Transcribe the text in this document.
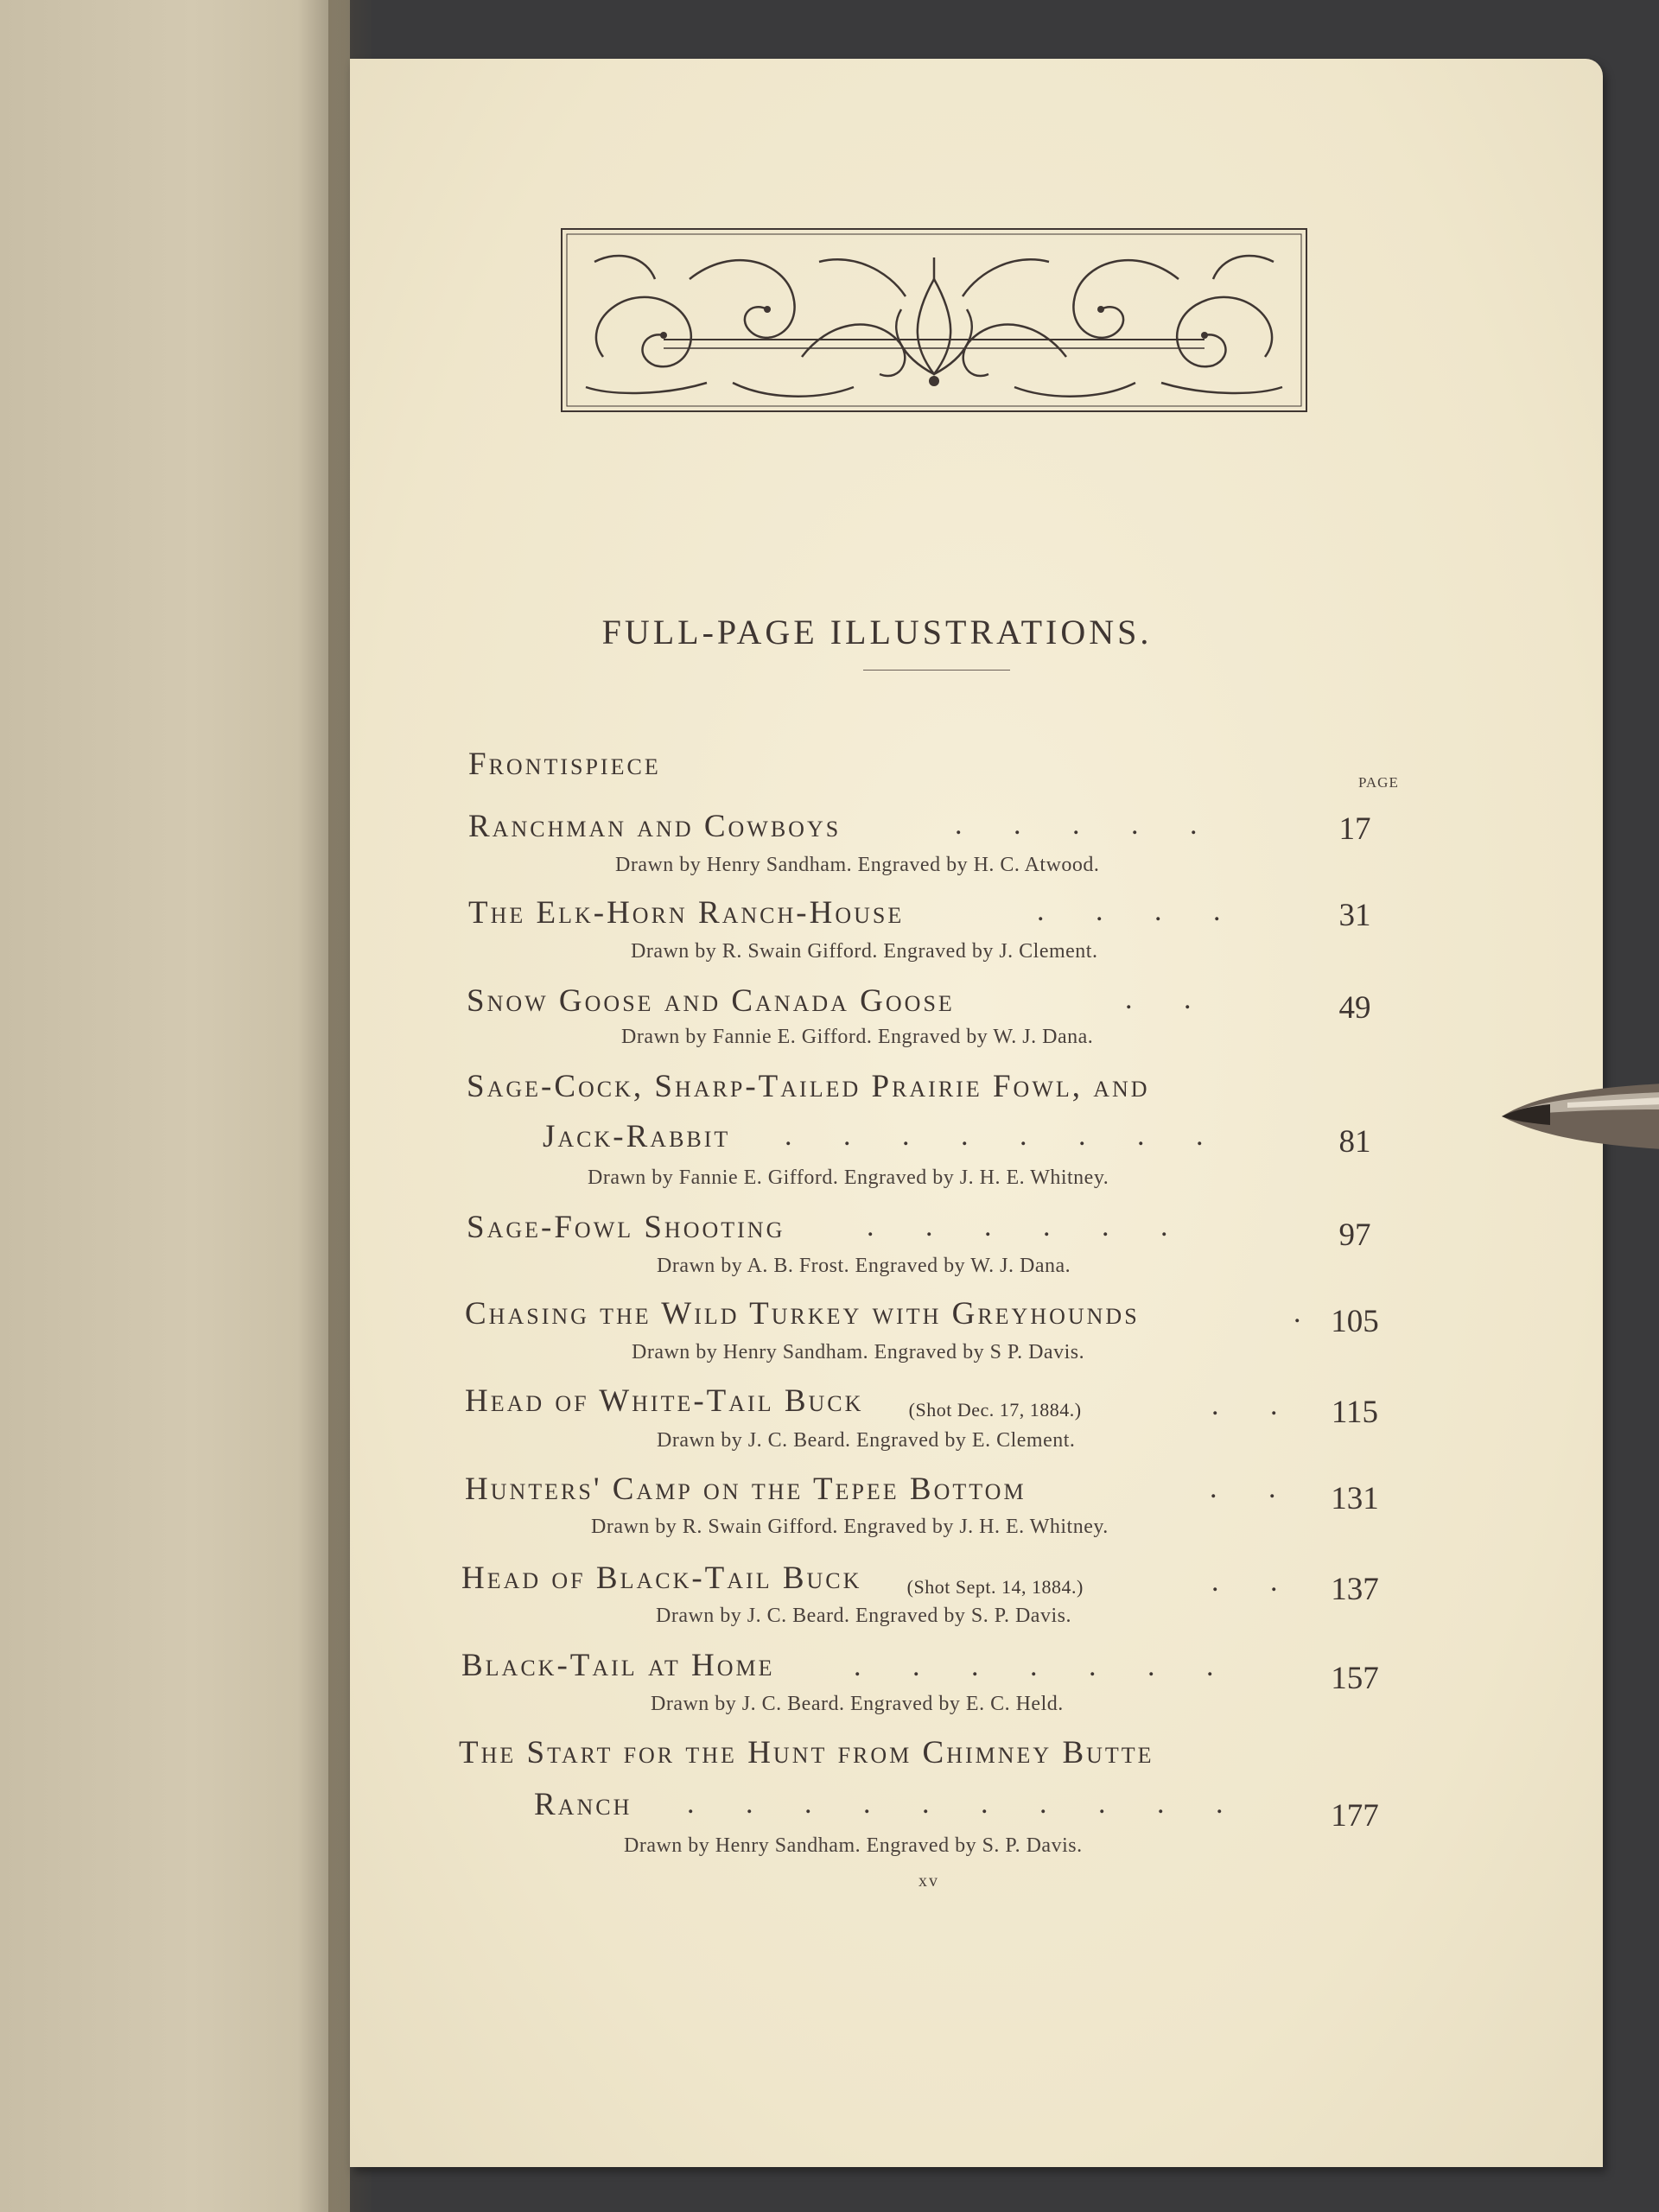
FULL-PAGE ILLUSTRATIONS.
PAGE
Frontispiece
Ranchman and Cowboys	.       .       .       .       .	17
Drawn by Henry Sandham. Engraved by H. C. Atwood.
The Elk-Horn Ranch-House	.       .       .       .	31
Drawn by R. Swain Gifford. Engraved by J. Clement.
Snow Goose and Canada Goose	.       .	49
Drawn by Fannie E. Gifford. Engraved by W. J. Dana.
Sage-Cock, Sharp-Tailed Prairie Fowl, and
Jack-Rabbit .       .       .       .       .       .       .       .	81
Drawn by Fannie E. Gifford. Engraved by J. H. E. Whitney.
Sage-Fowl Shooting	.       .       .       .       .       .	97
Drawn by A. B. Frost. Engraved by W. J. Dana.
Chasing the Wild Turkey with Greyhounds	. 105
Drawn by Henry Sandham. Engraved by S P. Davis.
Head of White-Tail Buck (Shot Dec. 17, 1884.)	.       .	115
Drawn by J. C. Beard. Engraved by E. Clement.
Hunters' Camp on the Tepee Bottom	.       .	131
Drawn by R. Swain Gifford. Engraved by J. H. E. Whitney.
Head of Black-Tail Buck (Shot Sept. 14, 1884.)	.       .	137
Drawn by J. C. Beard. Engraved by S. P. Davis.
Black-Tail at Home	.       .       .       .       .       .       .	157
Drawn by J. C. Beard. Engraved by E. C. Held.
The Start for the Hunt from Chimney Butte
Ranch .       .       .       .       .       .       .       .       .       .	177
Drawn by Henry Sandham. Engraved by S. P. Davis.
xv
